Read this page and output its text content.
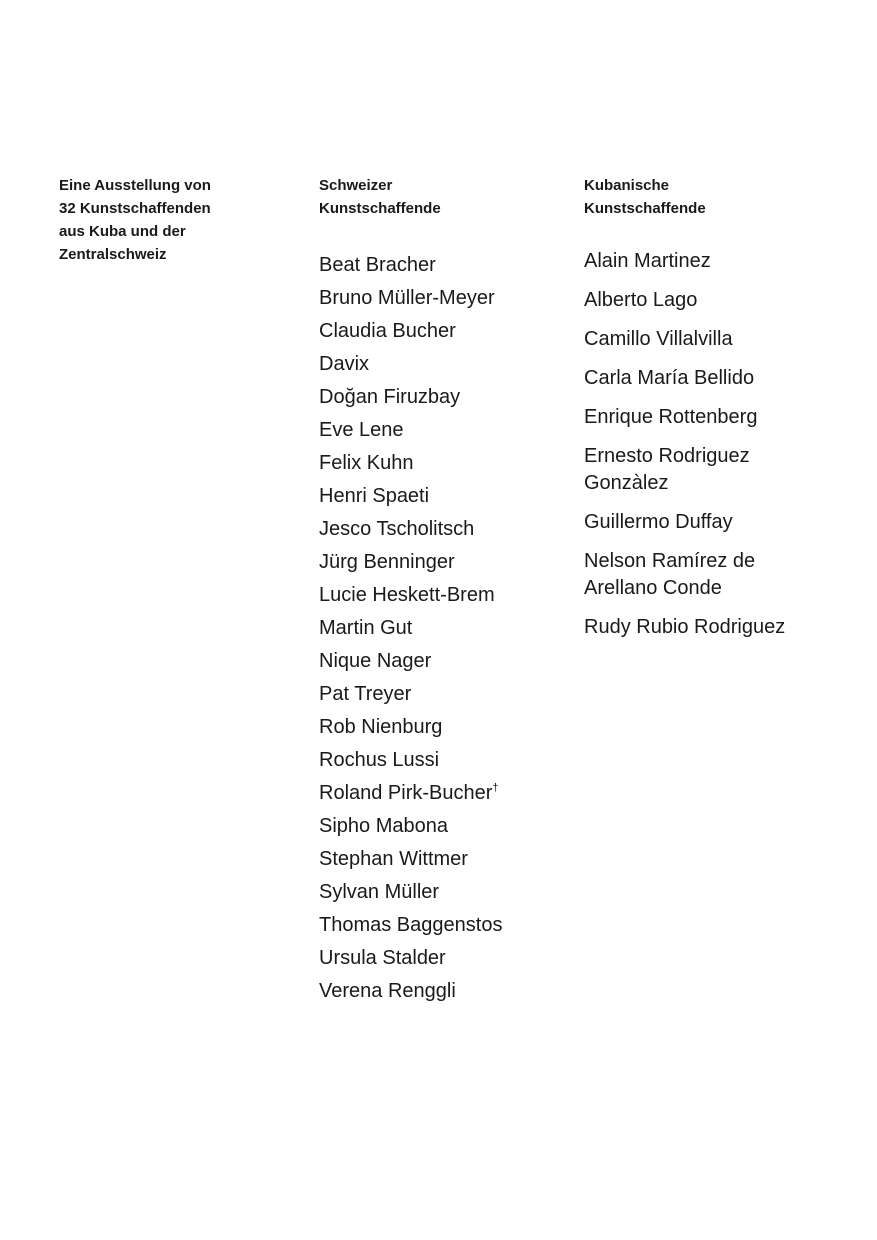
Eine Ausstellung von
32 Kunstschaffenden
aus Kuba und der
Zentralschweiz

Schweizer
Kunstschaffende

Beat Bracher
Bruno Müller-Meyer
Claudia Bucher
Davix
Doğan Firuzbay
Eve Lene
Felix Kuhn
Henri Spaeti
Jesco Tscholitsch
Jürg Benninger
Lucie Heskett-Brem
Martin Gut
Nique Nager
Pat Treyer
Rob Nienburg
Rochus Lussi
Roland Pirk-Bucher†
Sipho Mabona
Stephan Wittmer
Sylvan Müller
Thomas Baggenstos
Ursula Stalder
Verena Renggli

Kubanische
Kunstschaffende

Alain Martinez
Alberto Lago
Camillo Villalvilla
Carla María Bellido
Enrique Rottenberg
Ernesto Rodriguez Gonzàlez
Guillermo Duffay
Nelson Ramírez de Arellano Conde
Rudy Rubio Rodriguez
